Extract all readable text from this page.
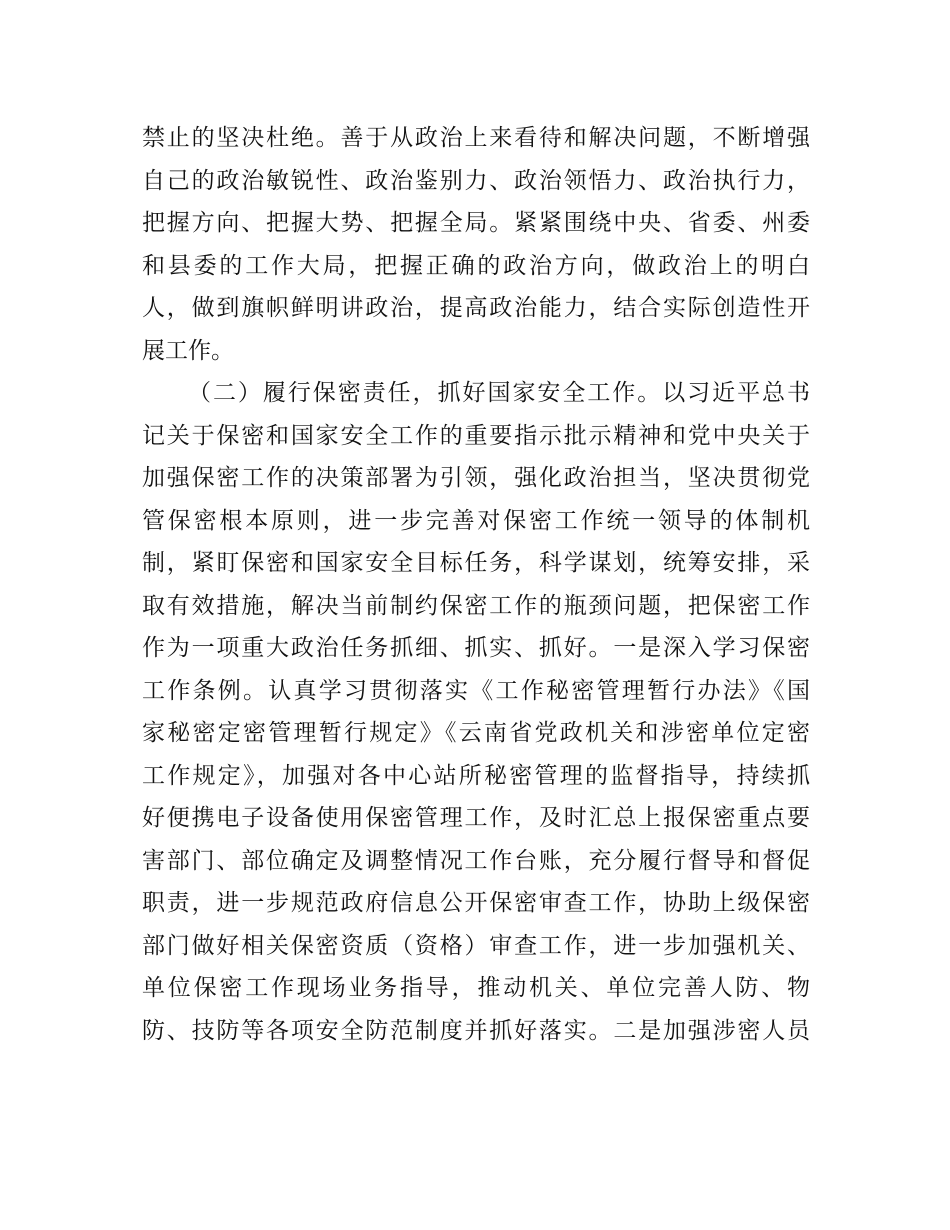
禁止的坚决杜绝。善于从政治上来看待和解决问题，不断增强
自己的政治敏锐性、政治鉴别力、政治领悟力、政治执行力，
把握方向、把握大势、把握全局。紧紧围绕中央、省委、州委
和县委的工作大局，把握正确的政治方向，做政治上的明白
人，做到旗帜鲜明讲政治，提高政治能力，结合实际创造性开
展工作。
（二）履行保密责任，抓好国家安全工作。以习近平总书
记关于保密和国家安全工作的重要指示批示精神和党中央关于
加强保密工作的决策部署为引领，强化政治担当，坚决贯彻党
管保密根本原则，进一步完善对保密工作统一领导的体制机
制，紧盯保密和国家安全目标任务，科学谋划，统筹安排，采
取有效措施，解决当前制约保密工作的瓶颈问题，把保密工作
作为一项重大政治任务抓细、抓实、抓好。一是深入学习保密
工作条例。认真学习贯彻落实《工作秘密管理暂行办法》《国
家秘密定密管理暂行规定》《云南省党政机关和涉密单位定密
工作规定》，加强对各中心站所秘密管理的监督指导，持续抓
好便携电子设备使用保密管理工作，及时汇总上报保密重点要
害部门、部位确定及调整情况工作台账，充分履行督导和督促
职责，进一步规范政府信息公开保密审查工作，协助上级保密
部门做好相关保密资质（资格）审查工作，进一步加强机关、
单位保密工作现场业务指导，推动机关、单位完善人防、物
防、技防等各项安全防范制度并抓好落实。二是加强涉密人员
